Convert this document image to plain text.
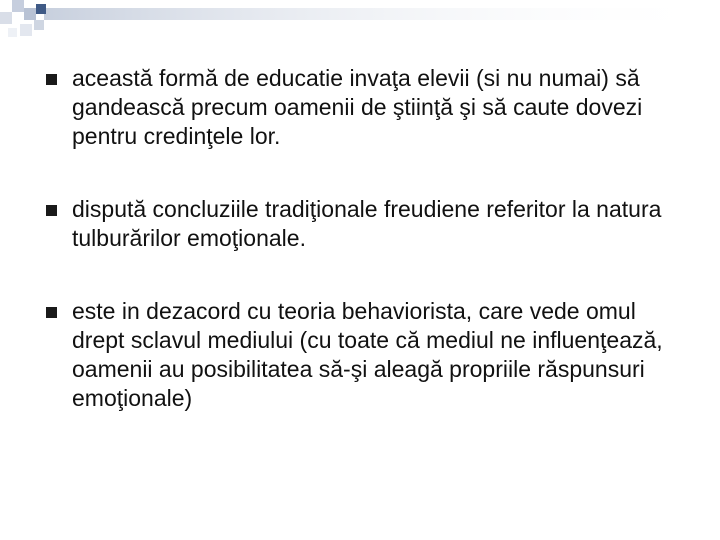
această formă de educatie invaţa elevii (si nu numai) să gandească precum oamenii de ştiinţă şi să caute dovezi pentru credinţele lor.
dispută concluziile tradiţionale freudiene referitor la natura tulburărilor emoţionale.
este in dezacord cu teoria behaviorista, care vede omul drept sclavul mediului (cu toate că mediul ne influenţează, oamenii au posibilitatea să-şi aleagă propriile răspunsuri emoţionale)
